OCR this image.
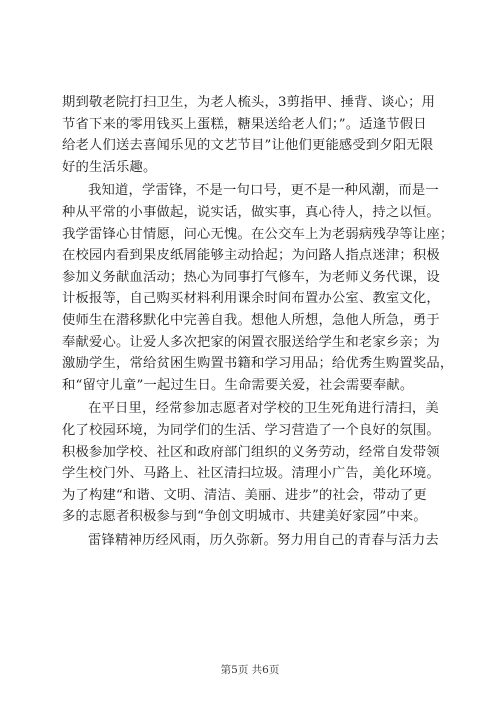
期到敬老院打扫卫生，为老人梳头，3剪指甲、捶背、谈心；用
节省下来的零用钱买上蛋糕，糖果送给老人们；”。适逢节假日
给老人们送去喜闻乐见的文艺节目”让他们更能感受到夕阳无限
好的生活乐趣。

我知道，学雷锋，不是一句口号，更不是一种风潮，而是一
种从平常的小事做起，说实话，做实事，真心待人，持之以恒。
我学雷锋心甘情愿，问心无愧。在公交车上为老弱病残孕等让座；
在校园内看到果皮纸屑能够主动拾起；为问路人指点迷津；积极
参加义务献血活动；热心为同事打气修车，为老师义务代课，设
计板报等，自己购买材料利用课余时间布置办公室、教室文化，
使师生在潜移默化中完善自我。想他人所想，急他人所急，勇于
奉献爱心。让爱人多次把家的闲置衣服送给学生和老家乡亲；为
激励学生，常给贫困生购置书籍和学习用品；给优秀生购置奖品，
和“留守儿童”一起过生日。生命需要关爱，社会需要奉献。

在平日里，经常参加志愿者对学校的卫生死角进行清扫，美
化了校园环境，为同学们的生活、学习营造了一个良好的氛围。
积极参加学校、社区和政府部门组织的义务劳动，经常自发带领
学生校门外、马路上、社区清扫垃圾。清理小广告，美化环境。
为了构建“和谐、文明、清洁、美丽、进步”的社会，带动了更
多的志愿者积极参与到“争创文明城市、共建美好家园”中来。

雷锋精神历经风雨，历久弥新。努力用自己的青春与活力去

第5页 共6页
